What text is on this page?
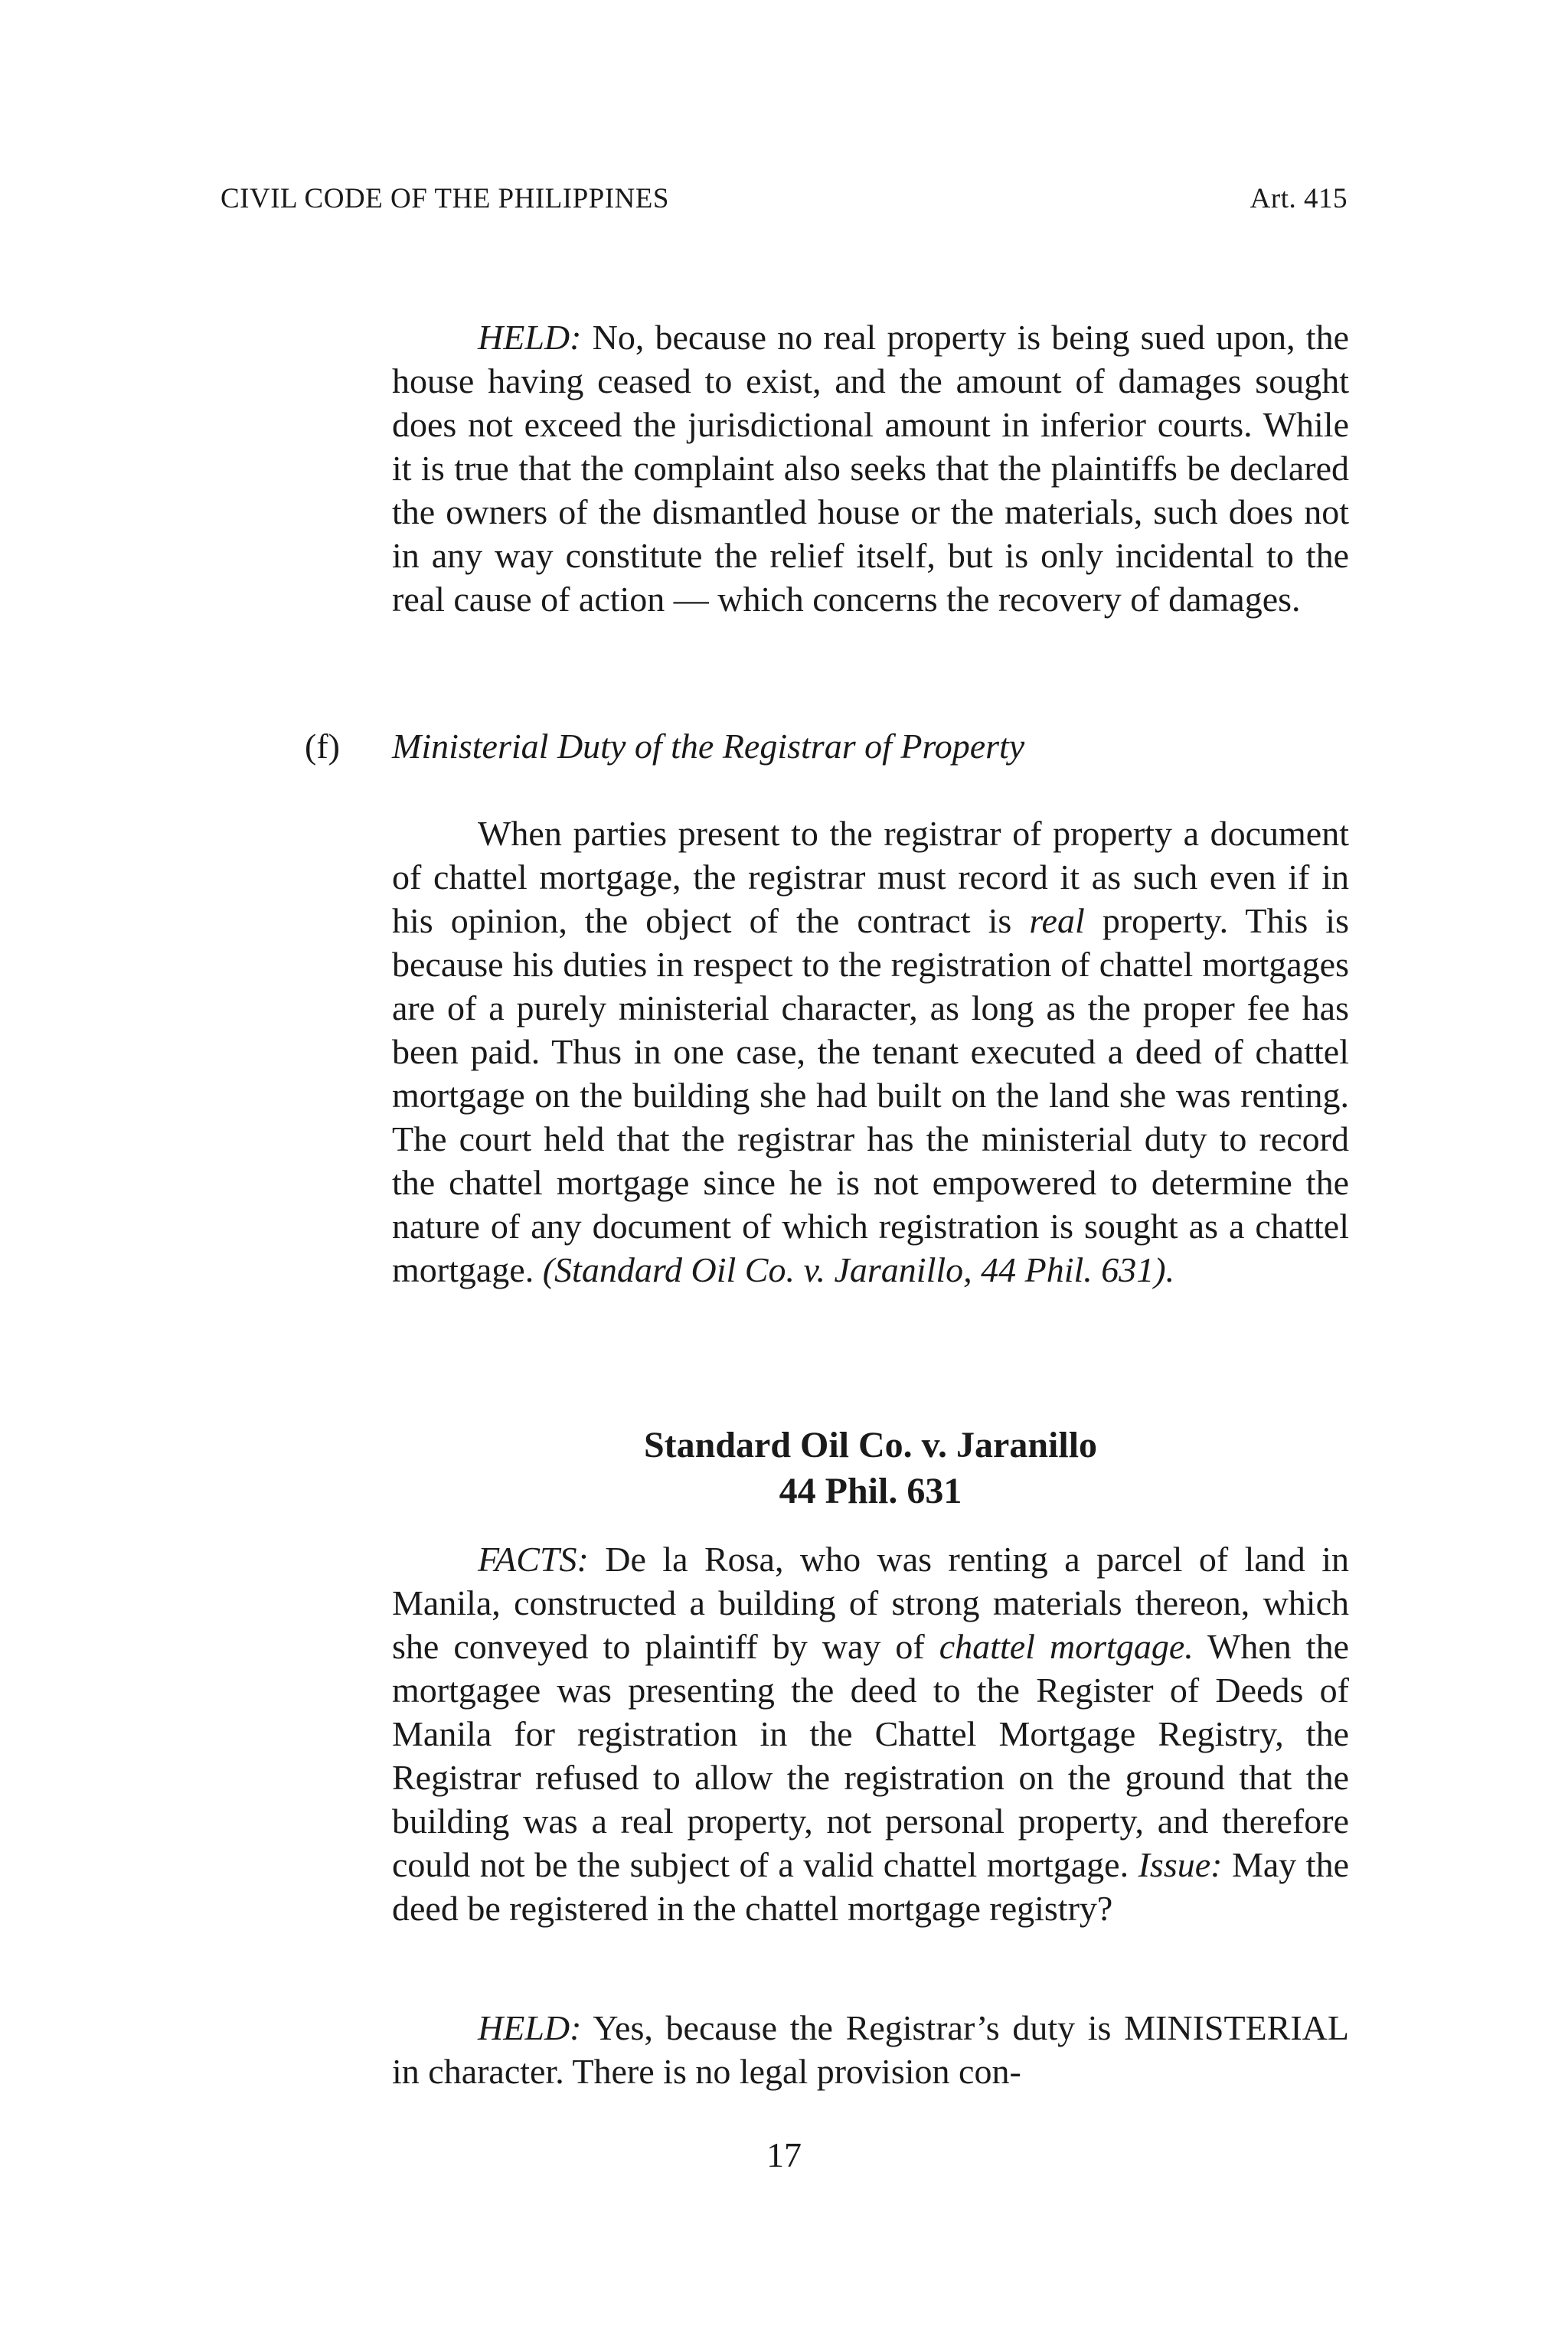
CIVIL CODE OF THE PHILIPPINES	Art. 415

HELD: No, because no real property is being sued upon, the house having ceased to exist, and the amount of damages sought does not exceed the jurisdictional amount in inferior courts. While it is true that the complaint also seeks that the plaintiffs be declared the owners of the dismantled house or the materials, such does not in any way constitute the relief itself, but is only incidental to the real cause of action — which concerns the recovery of damages.

(f) Ministerial Duty of the Registrar of Property

When parties present to the registrar of property a document of chattel mortgage, the registrar must record it as such even if in his opinion, the object of the contract is real property. This is because his duties in respect to the registration of chattel mortgages are of a purely ministerial character, as long as the proper fee has been paid. Thus in one case, the tenant executed a deed of chattel mortgage on the building she had built on the land she was renting. The court held that the registrar has the ministerial duty to record the chattel mortgage since he is not empowered to determine the nature of any document of which registration is sought as a chattel mortgage. (Standard Oil Co. v. Jaranillo, 44 Phil. 631).

Standard Oil Co. v. Jaranillo
44 Phil. 631

FACTS: De la Rosa, who was renting a parcel of land in Manila, constructed a building of strong materials thereon, which she conveyed to plaintiff by way of chattel mortgage. When the mortgagee was presenting the deed to the Register of Deeds of Manila for registration in the Chattel Mortgage Registry, the Registrar refused to allow the registration on the ground that the building was a real property, not personal property, and therefore could not be the subject of a valid chattel mortgage. Issue: May the deed be registered in the chattel mortgage registry?

HELD: Yes, because the Registrar’s duty is MINISTERIAL in character. There is no legal provision con-

17
